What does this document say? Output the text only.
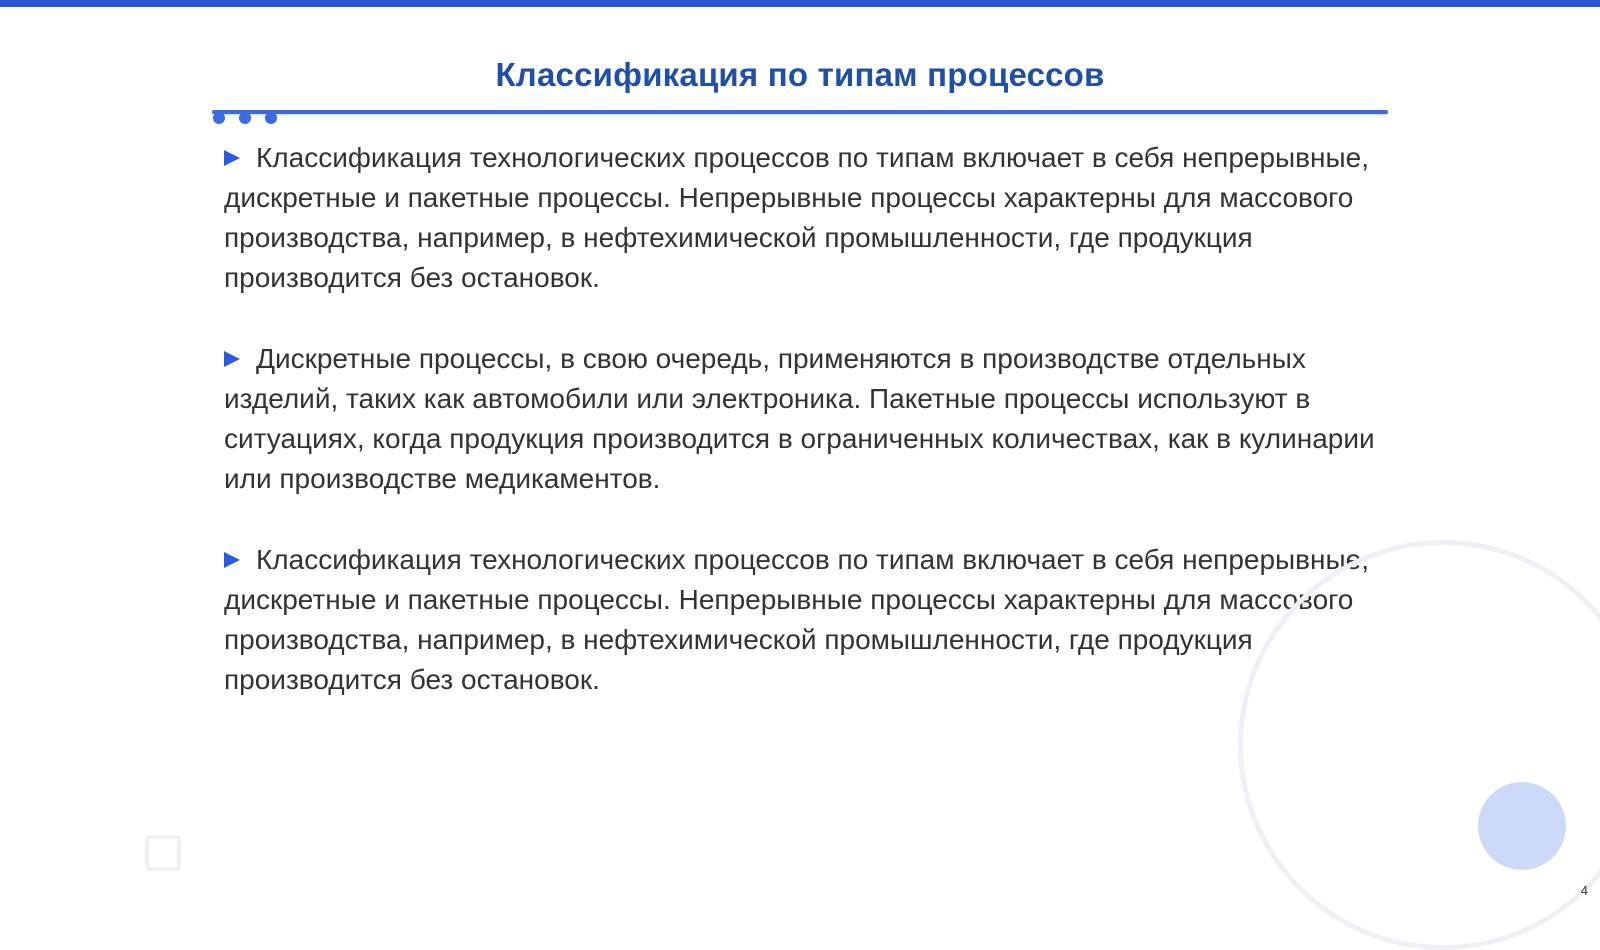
Классификация по типам процессов

Классификация технологических процессов по типам включает в себя непрерывные, дискретные и пакетные процессы. Непрерывные процессы характерны для массового производства, например, в нефтехимической промышленности, где продукция производится без остановок.

Дискретные процессы, в свою очередь, применяются в производстве отдельных изделий, таких как автомобили или электроника. Пакетные процессы используют в ситуациях, когда продукция производится в ограниченных количествах, как в кулинарии или производстве медикаментов.

Классификация технологических процессов по типам включает в себя непрерывные, дискретные и пакетные процессы. Непрерывные процессы характерны для массового производства, например, в нефтехимической промышленности, где продукция производится без остановок.

4
